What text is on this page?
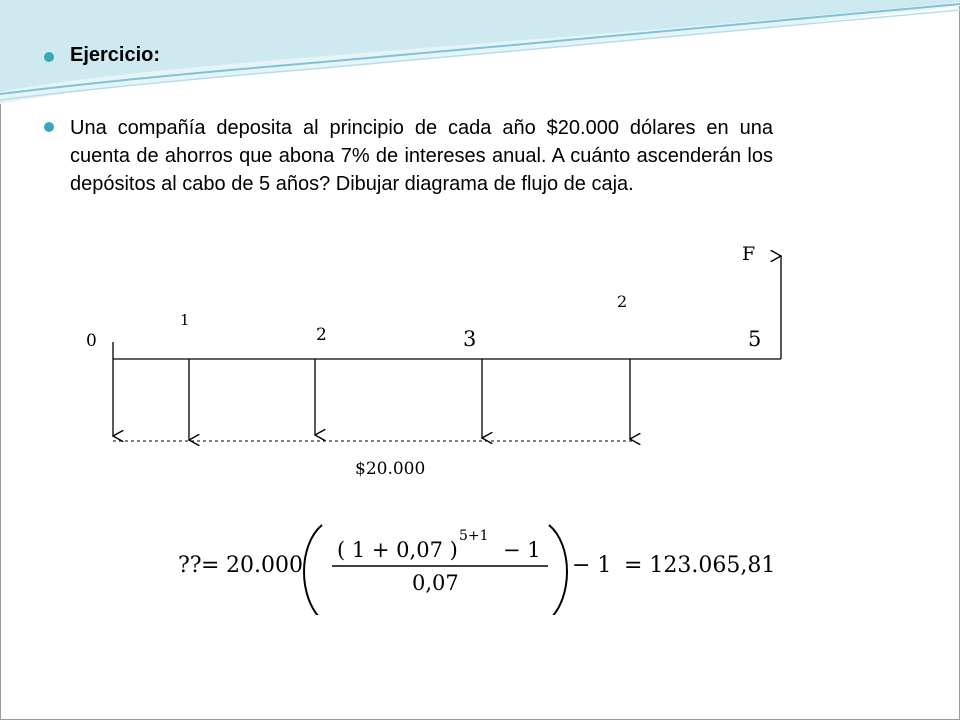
Ejercicio:
Una compañía deposita al principio de cada año $20.000 dólares en una cuenta de ahorros que abona 7% de intereses anual. A cuánto ascenderán los depósitos al cabo de 5 años? Dibujar diagrama de flujo de caja.
F
0
1
2	3	5
2
$20.000
?? = 20.000
( 1 + 0,07 )
5+1
− 1
0,07
− 1 = 123.065,81
